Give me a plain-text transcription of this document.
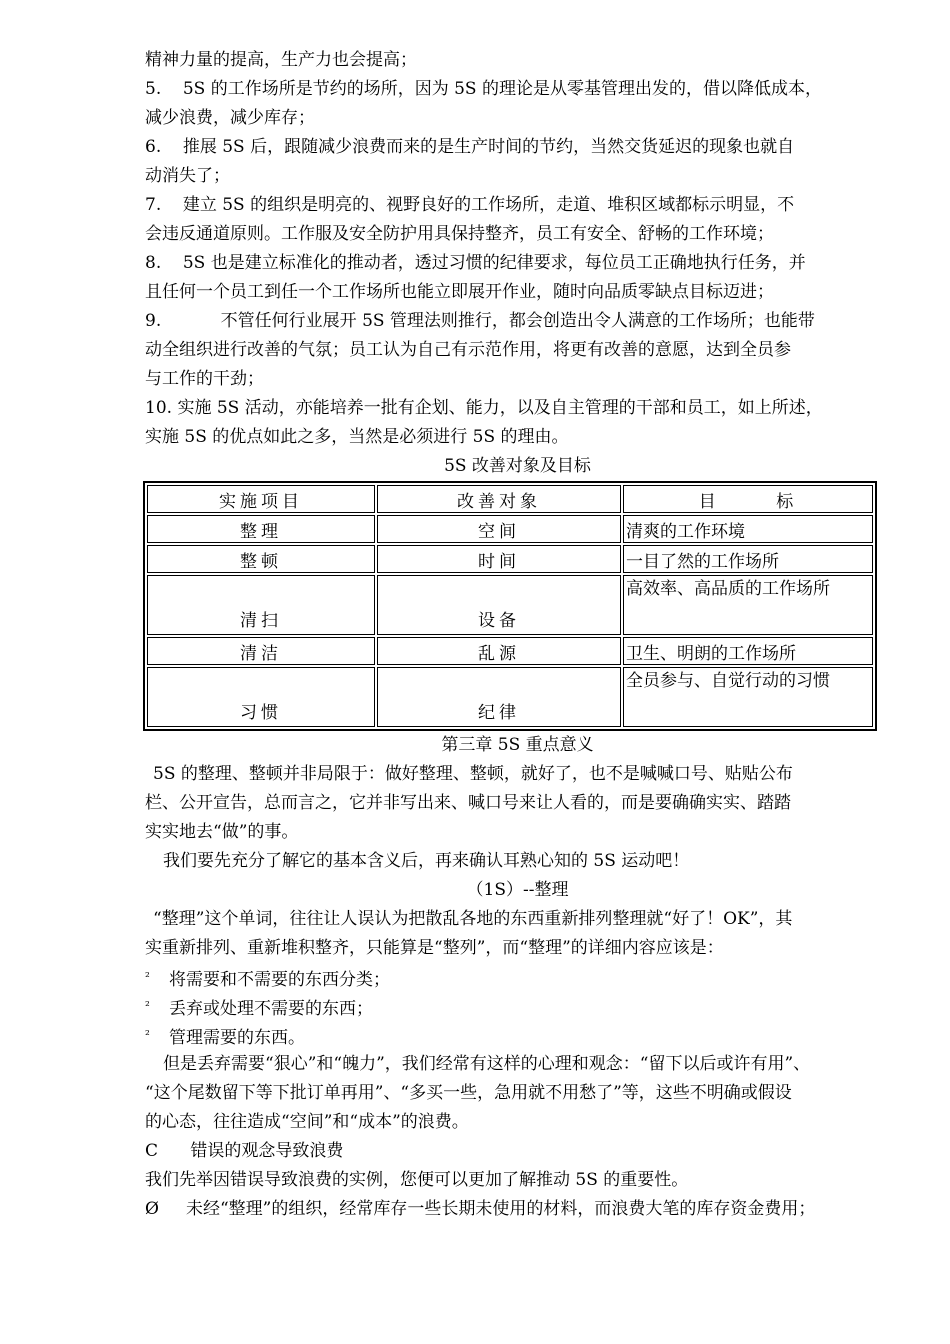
精神力量的提高，生产力也会提高；
5.    5S 的工作场所是节约的场所，因为 5S 的理论是从零基管理出发的，借以降低成本，
减少浪费，减少库存；
6.    推展 5S 后，跟随减少浪费而来的是生产时间的节约，当然交货延迟的现象也就自
动消失了；
7.    建立 5S 的组织是明亮的、视野良好的工作场所，走道、堆积区域都标示明显，不
会违反通道原则。工作服及安全防护用具保持整齐，员工有安全、舒畅的工作环境；
8.    5S 也是建立标准化的推动者，透过习惯的纪律要求，每位员工正确地执行任务，并
且任何一个员工到任一个工作场所也能立即展开作业，随时向品质零缺点目标迈进；
9.           不管任何行业展开 5S 管理法则推行，都会创造出令人满意的工作场所；也能带
动全组织进行改善的气氛；员工认为自己有示范作用，将更有改善的意愿，达到全员参
与工作的干劲；
10. 实施 5S 活动，亦能培养一批有企划、能力，以及自主管理的干部和员工，如上所述，
实施 5S 的优点如此之多，当然是必须进行 5S 的理由。
5S 改善对象及目标
实施项目	改善对象	目      标
整理	空间	清爽的工作环境
整顿	时间	一目了然的工作场所
清扫	设备	高效率、高品质的工作场所
清洁	乱源	卫生、明朗的工作场所
习惯	纪律	全员参与、自觉行动的习惯
第三章 5S 重点意义
5S 的整理、整顿并非局限于：做好整理、整顿，就好了，也不是喊喊口号、贴贴公布
栏、公开宣告，总而言之，它并非写出来、喊口号来让人看的，而是要确确实实、踏踏
实实地去“做”的事。
我们要先充分了解它的基本含义后，再来确认耳熟心知的 5S 运动吧！
（1S）--整理
“整理”这个单词，往往让人误认为把散乱各地的东西重新排列整理就“好了！OK”，其
实重新排列、重新堆积整齐，只能算是“整列”，而“整理”的详细内容应该是：
² 将需要和不需要的东西分类；
² 丢弃或处理不需要的东西；
² 管理需要的东西。
但是丢弃需要“狠心”和“魄力”，我们经常有这样的心理和观念：“留下以后或许有用”、
“这个尾数留下等下批订单再用”、“多买一些，急用就不用愁了”等，这些不明确或假设
的心态，往往造成“空间”和“成本”的浪费。
C      错误的观念导致浪费
我们先举因错误导致浪费的实例，您便可以更加了解推动 5S 的重要性。
Ø     未经“整理”的组织，经常库存一些长期未使用的材料，而浪费大笔的库存资金费用；
